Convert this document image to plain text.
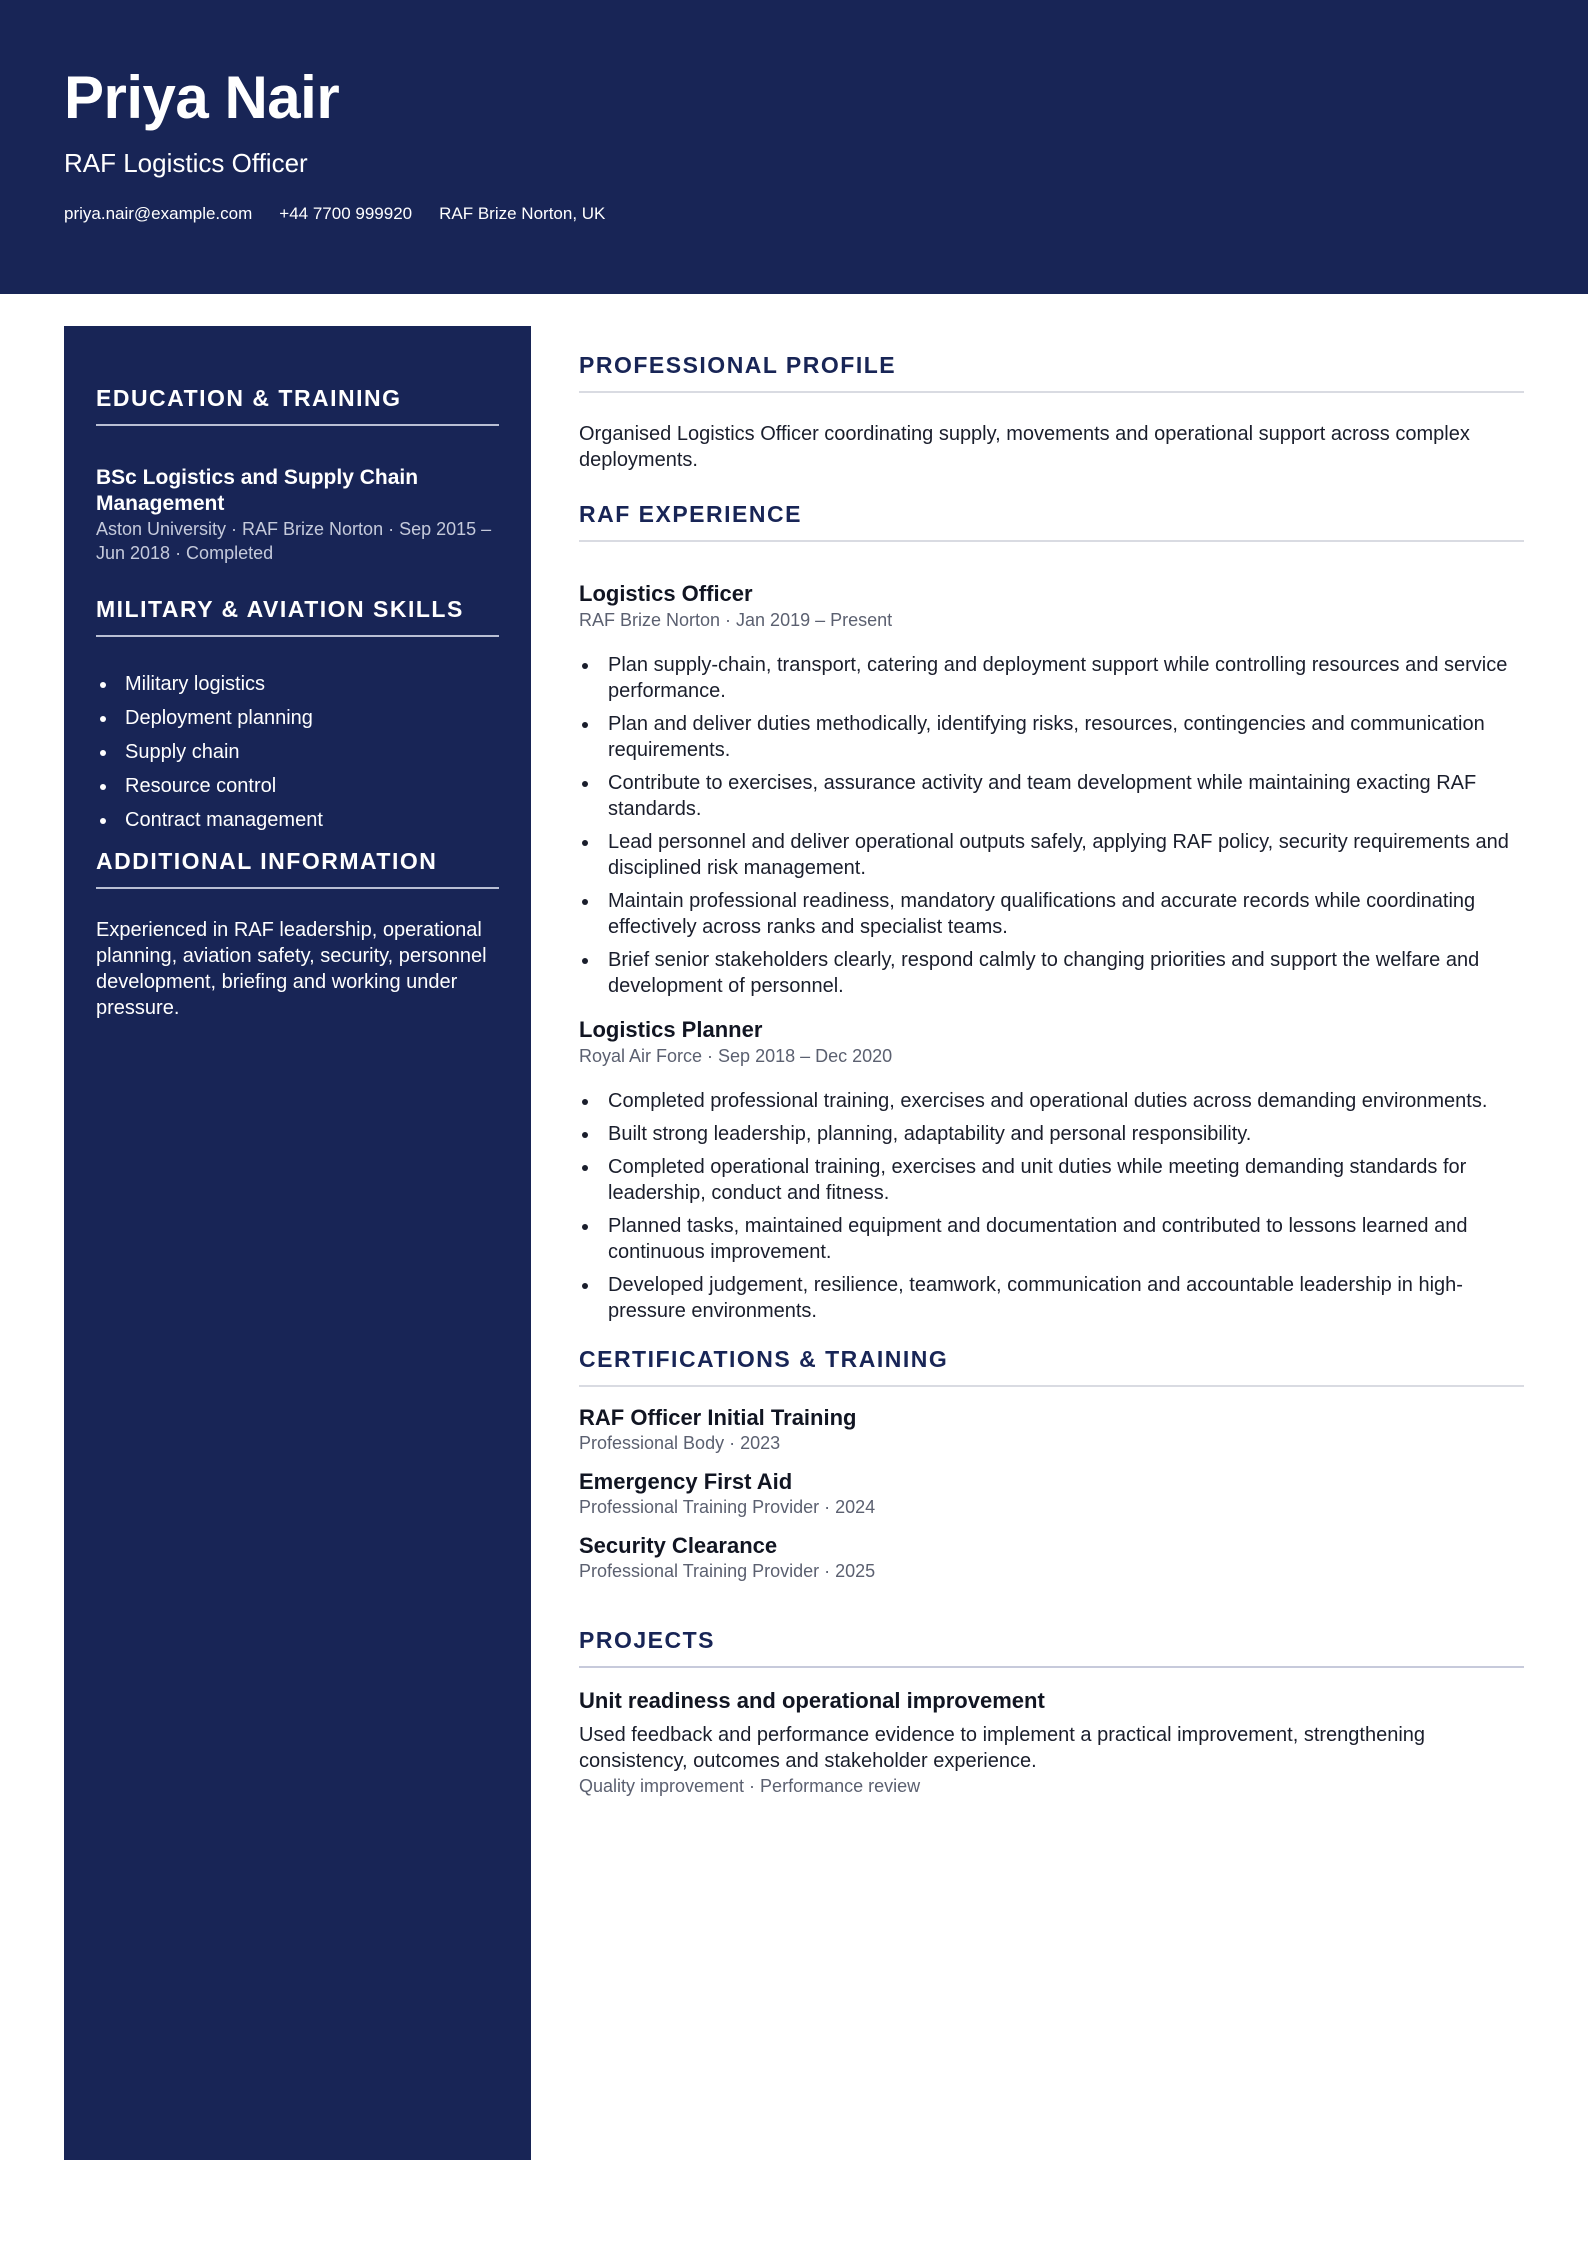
Priya Nair
RAF Logistics Officer
priya.nair@example.com +44 7700 999920 RAF Brize Norton, UK
EDUCATION & TRAINING
BSc Logistics and Supply Chain Management
Aston University · RAF Brize Norton · Sep 2015 – Jun 2018 · Completed
MILITARY & AVIATION SKILLS
Military logistics
Deployment planning
Supply chain
Resource control
Contract management
ADDITIONAL INFORMATION

Experienced in RAF leadership, operational planning, aviation safety, security, personnel development, briefing and working under pressure.

PROFESSIONAL PROFILE

Organised Logistics Officer coordinating supply, movements and operational support across complex deployments.

RAF EXPERIENCE
Logistics Officer
RAF Brize Norton · Jan 2019 – Present
Plan supply-chain, transport, catering and deployment support while controlling resources and service performance.
Plan and deliver duties methodically, identifying risks, resources, contingencies and communication requirements.
Contribute to exercises, assurance activity and team development while maintaining exacting RAF standards.
Lead personnel and deliver operational outputs safely, applying RAF policy, security requirements and disciplined risk management.
Maintain professional readiness, mandatory qualifications and accurate records while coordinating effectively across ranks and specialist teams.
Brief senior stakeholders clearly, respond calmly to changing priorities and support the welfare and development of personnel.
Logistics Planner
Royal Air Force · Sep 2018 – Dec 2020
Completed professional training, exercises and operational duties across demanding environments.
Built strong leadership, planning, adaptability and personal responsibility.
Completed operational training, exercises and unit duties while meeting demanding standards for leadership, conduct and fitness.
Planned tasks, maintained equipment and documentation and contributed to lessons learned and continuous improvement.
Developed judgement, resilience, teamwork, communication and accountable leadership in high-pressure environments.
CERTIFICATIONS & TRAINING
RAF Officer Initial Training
Professional Body · 2023
Emergency First Aid
Professional Training Provider · 2024
Security Clearance
Professional Training Provider · 2025
PROJECTS
Unit readiness and operational improvement

Used feedback and performance evidence to implement a practical improvement, strengthening consistency, outcomes and stakeholder experience.

Quality improvement · Performance review
